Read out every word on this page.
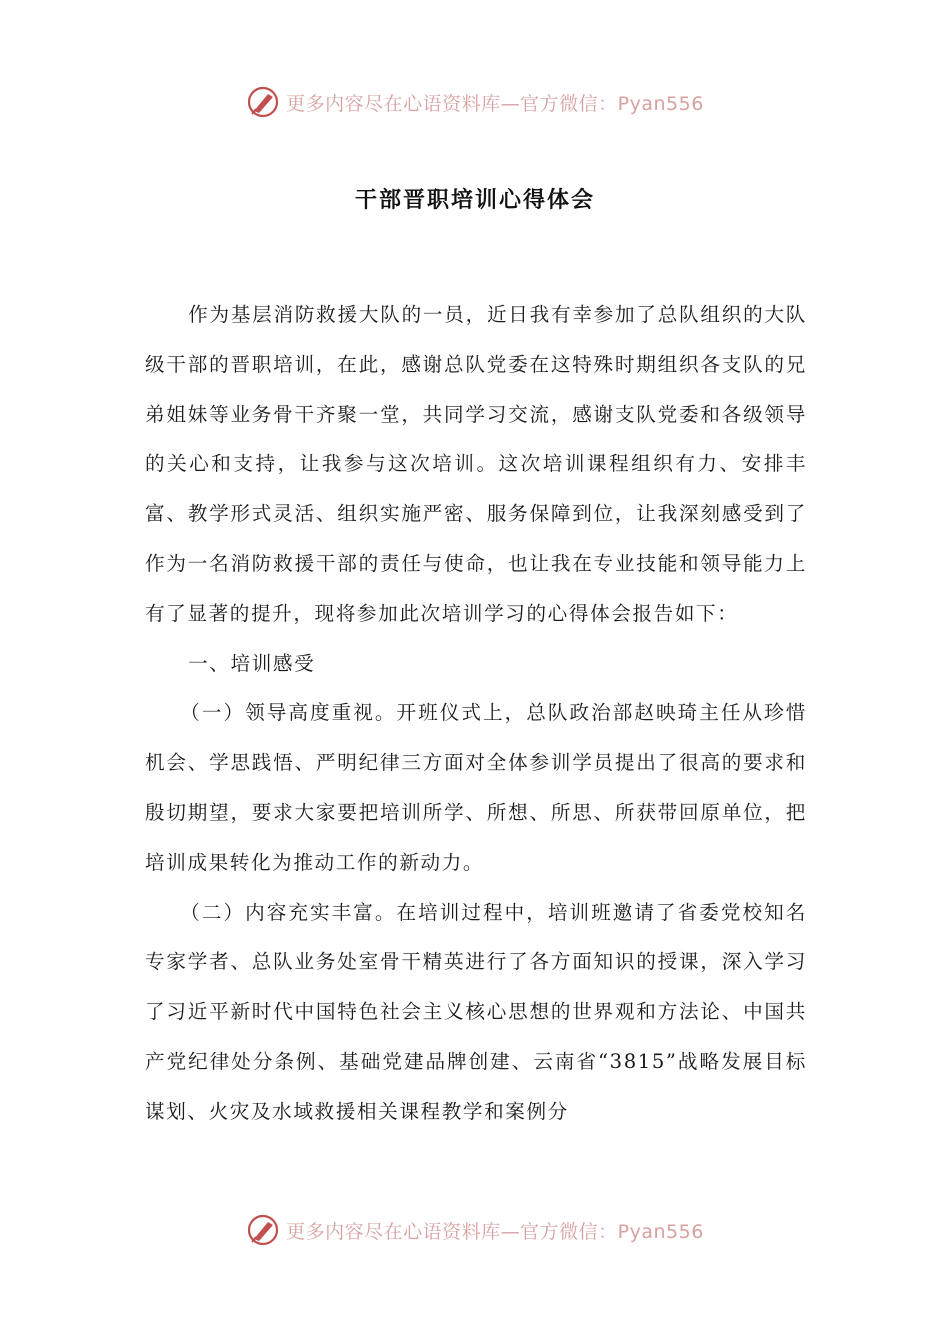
更多内容尽在心语资料库—官方微信：Pyan556
干部晋职培训心得体会

作为基层消防救援大队的一员，近日我有幸参加了总队组织的大队级干部的晋职培训，在此，感谢总队党委在这特殊时期组织各支队的兄弟姐妹等业务骨干齐聚一堂，共同学习交流，感谢支队党委和各级领导的关心和支持，让我参与这次培训。这次培训课程组织有力、安排丰富、教学形式灵活、组织实施严密、服务保障到位，让我深刻感受到了作为一名消防救援干部的责任与使命，也让我在专业技能和领导能力上有了显著的提升，现将参加此次培训学习的心得体会报告如下：

一、培训感受

（一）领导高度重视。开班仪式上，总队政治部赵映琦主任从珍惜机会、学思践悟、严明纪律三方面对全体参训学员提出了很高的要求和殷切期望，要求大家要把培训所学、所想、所思、所获带回原单位，把培训成果转化为推动工作的新动力。

（二）内容充实丰富。在培训过程中，培训班邀请了省委党校知名专家学者、总队业务处室骨干精英进行了各方面知识的授课，深入学习了习近平新时代中国特色社会主义核心思想的世界观和方法论、中国共产党纪律处分条例、基础党建品牌创建、云南省“3815”战略发展目标谋划、火灾及水域救援相关课程教学和案例分

更多内容尽在心语资料库—官方微信：Pyan556
